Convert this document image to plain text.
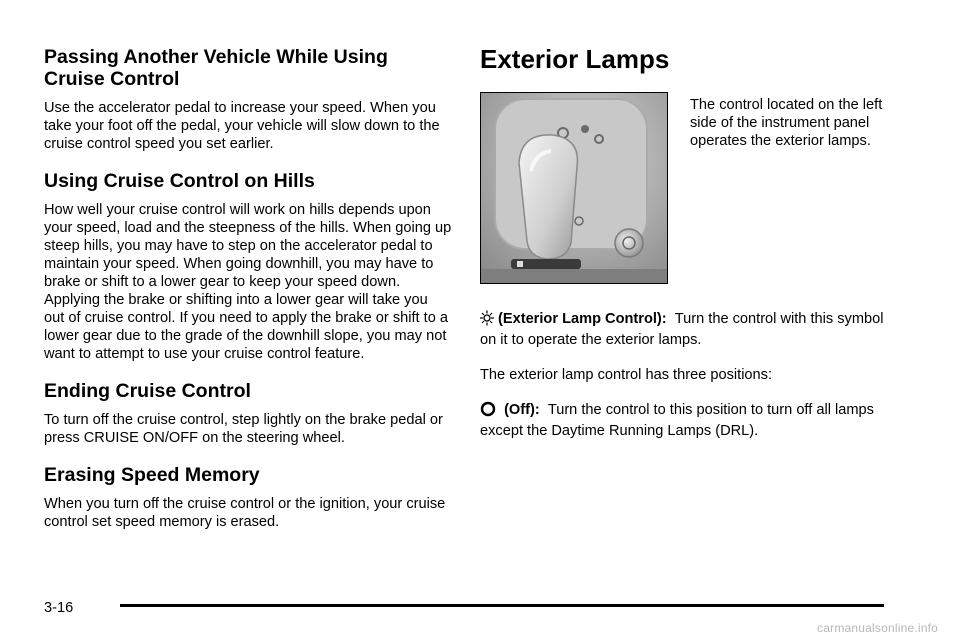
Passing Another Vehicle While Using Cruise Control

Use the accelerator pedal to increase your speed. When you take your foot off the pedal, your vehicle will slow down to the cruise control speed you set earlier.

Using Cruise Control on Hills

How well your cruise control will work on hills depends upon your speed, load and the steepness of the hills. When going up steep hills, you may have to step on the accelerator pedal to maintain your speed. When going downhill, you may have to brake or shift to a lower gear to keep your speed down. Applying the brake or shifting into a lower gear will take you out of cruise control. If you need to apply the brake or shift to a lower gear due to the grade of the downhill slope, you may not want to attempt to use your cruise control feature.

Ending Cruise Control

To turn off the cruise control, step lightly on the brake pedal or press CRUISE ON/OFF on the steering wheel.

Erasing Speed Memory

When you turn off the cruise control or the ignition, your cruise control set speed memory is erased.

Exterior Lamps

The control located on the left side of the instrument panel operates the exterior lamps.

(Exterior Lamp Control): Turn the control with this symbol on it to operate the exterior lamps.

The exterior lamp control has three positions:

(Off): Turn the control to this position to turn off all lamps except the Daytime Running Lamps (DRL).

3-16
carmanualsonline.info
